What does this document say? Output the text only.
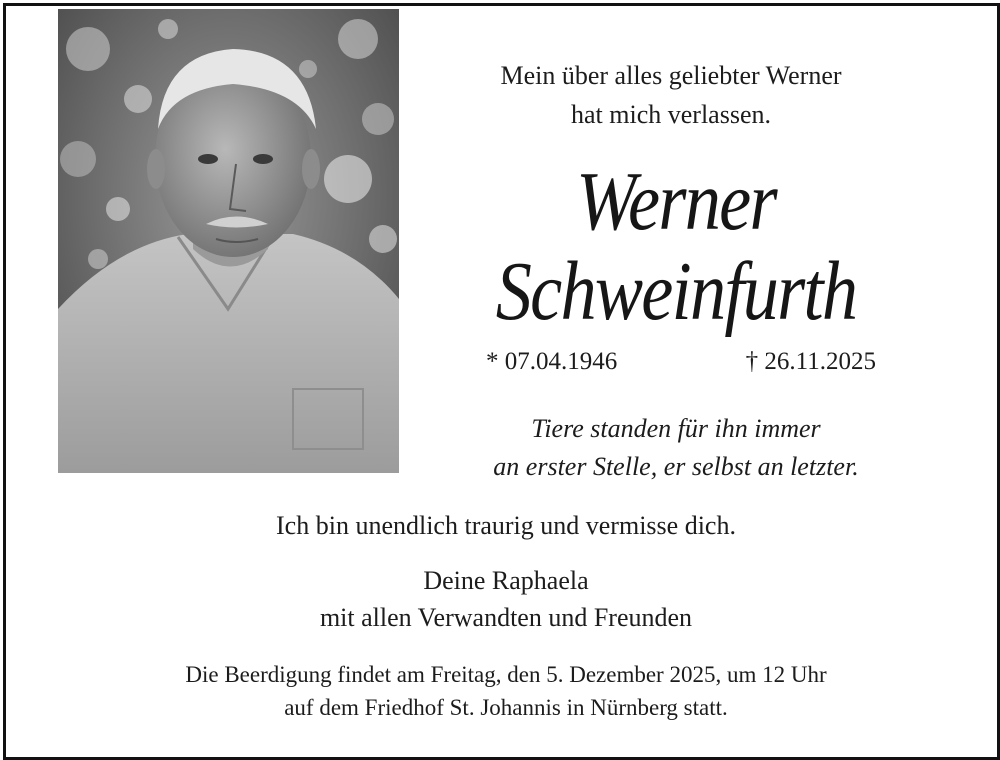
Mein über alles geliebter Werner
hat mich verlassen.
Werner
Schweinfurth
* 07.04.1946	† 26.11.2025
Tiere standen für ihn immer
an erster Stelle, er selbst an letzter.
Ich bin unendlich traurig und vermisse dich.
Deine Raphaela
mit allen Verwandten und Freunden
Die Beerdigung findet am Freitag, den 5. Dezember 2025, um 12 Uhr
auf dem Friedhof St. Johannis in Nürnberg statt.
